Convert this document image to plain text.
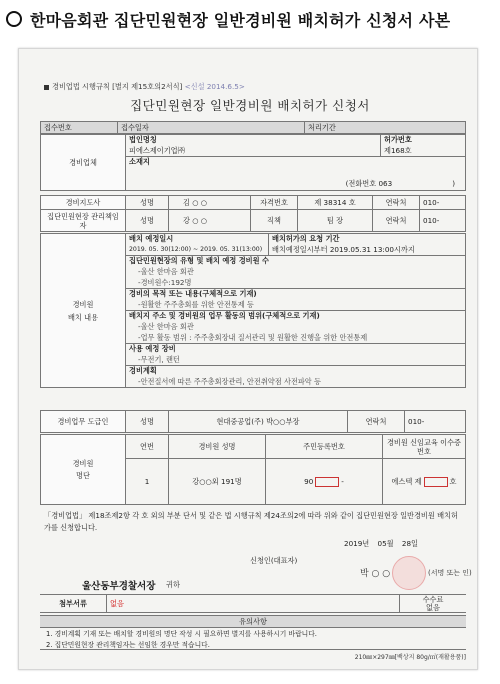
한마음회관 집단민원현장 일반경비원 배치허가 신청서 사본
경비업법 시행규칙 [별지 제15호의2서식] <신설 2014.6.5>
집단민원현장 일반경비원 배치허가 신청서
접수번호	접수일자	처리기간
경비업체	법인명칭	허가번호
	피에스제이기업㈜	제168호
	소재지	
	(전화번호 063 )	
경비지도사	성명	김 ○ ○	자격번호	제 38314 호	연락처	010-
집단민원현장 관리책임자	성명	강 ○ ○	직책	팀 장	연락처	010-
경비원
배치 내용	배치 예정일시	배치허가의 요청 기간
	2019. 05. 30(12:00) ~ 2019. 05. 31(13:00)	배치예정일시부터 2019.05.31 13:00시까지
	집단민원현장의 유형 및 배치 예정 경비원 수	
	-울산 한마음 회관	
	-경비원수:192명	
	경비의 목적 또는 내용(구체적으로 기재)	
	-원활한 주주총회를 위한 안전통제 등	
	배치지 주소 및 경비원의 업무 활동의 범위(구체적으로 기재)	
	-울산 한마음 회관	
	-업무 활동 범위 : 주주총회장내 질서관리 및 원활한 진행을 위한 안전통제	
	사용 예정 장비	
	-무전기, 랜턴	
	경비계획	
	-안전질서에 따른 주주총회장관리, 안전취약점 사전파악 등	
경비업무 도급인	성명	현대중공업(주) 박○○부장	연락처	010-
경비원
명단	연번	경비원 성명	주민등록번호	경비원 신임교육 이수증 번호
	1	강○○외 191명	90 -	에스텍 제 호
「경비업법」 제18조제2항 각 호 외의 부분 단서 및 같은 법 시행규칙 제24조의2에 따라 위와 같이 집단민원현장 일반경비원 배치허가를 신청합니다.
2019년 05월 28일
신청인(대표자)
박 ○ ○	(서명 또는 인)
울산동부경찰서장 귀하
첨부서류	없음	수수료
없음
유의사항
1. 경비계획 기재 또는 배치할 경비원의 명단 작성 시 필요하면 별지를 사용하시기 바랍니다.
2. 집단민원현장 관리책임자는 선임한 경우만 적습니다.
210㎜×297㎜[백상지 80g/㎡(재활용품)]
